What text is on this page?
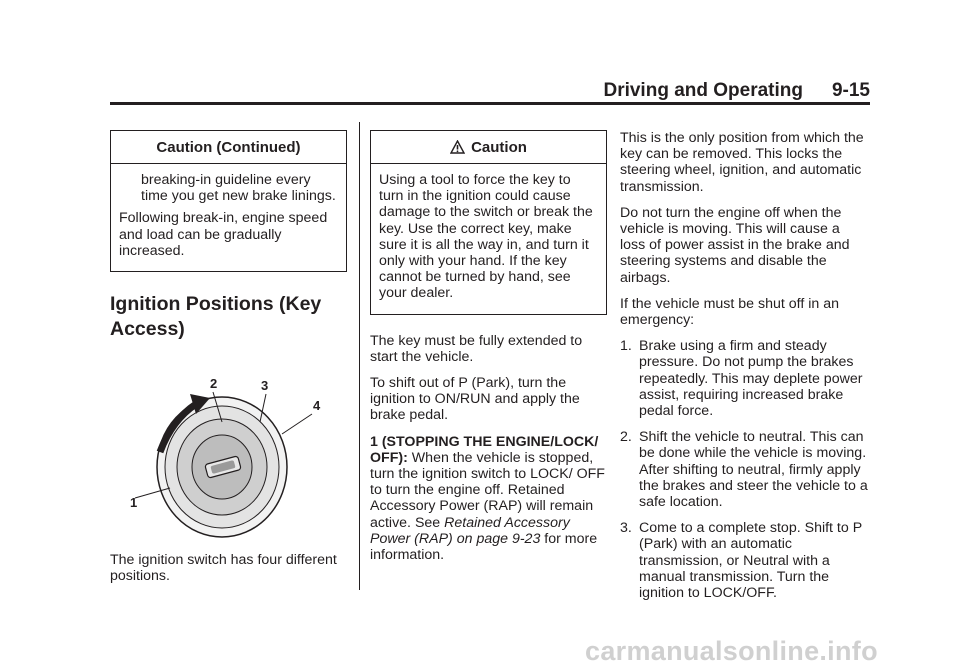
Driving and Operating	9-15
Caution (Continued)

breaking-in guideline every time you get new brake linings.

Following break-in, engine speed and load can be gradually increased.

Ignition Positions (Key Access)
1
2	3
4

The ignition switch has four different positions.

Caution

Using a tool to force the key to turn in the ignition could cause damage to the switch or break the key. Use the correct key, make sure it is all the way in, and turn it only with your hand. If the key cannot be turned by hand, see your dealer.

The key must be fully extended to start the vehicle.

To shift out of P (Park), turn the ignition to ON/RUN and apply the brake pedal.

1 (STOPPING THE ENGINE/LOCK/ OFF): When the vehicle is stopped, turn the ignition switch to LOCK/ OFF to turn the engine off. Retained Accessory Power (RAP) will remain active. See Retained Accessory Power (RAP) on page 9-23 for more information.

This is the only position from which the key can be removed. This locks the steering wheel, ignition, and automatic transmission.

Do not turn the engine off when the vehicle is moving. This will cause a loss of power assist in the brake and steering systems and disable the airbags.

If the vehicle must be shut off in an emergency:

1. Brake using a firm and steady pressure. Do not pump the brakes repeatedly. This may deplete power assist, requiring increased brake pedal force.
2. Shift the vehicle to neutral. This can be done while the vehicle is moving. After shifting to neutral, firmly apply the brakes and steer the vehicle to a safe location.
3. Come to a complete stop. Shift to P (Park) with an automatic transmission, or Neutral with a manual transmission. Turn the ignition to LOCK/OFF.
carmanualsonline.info
